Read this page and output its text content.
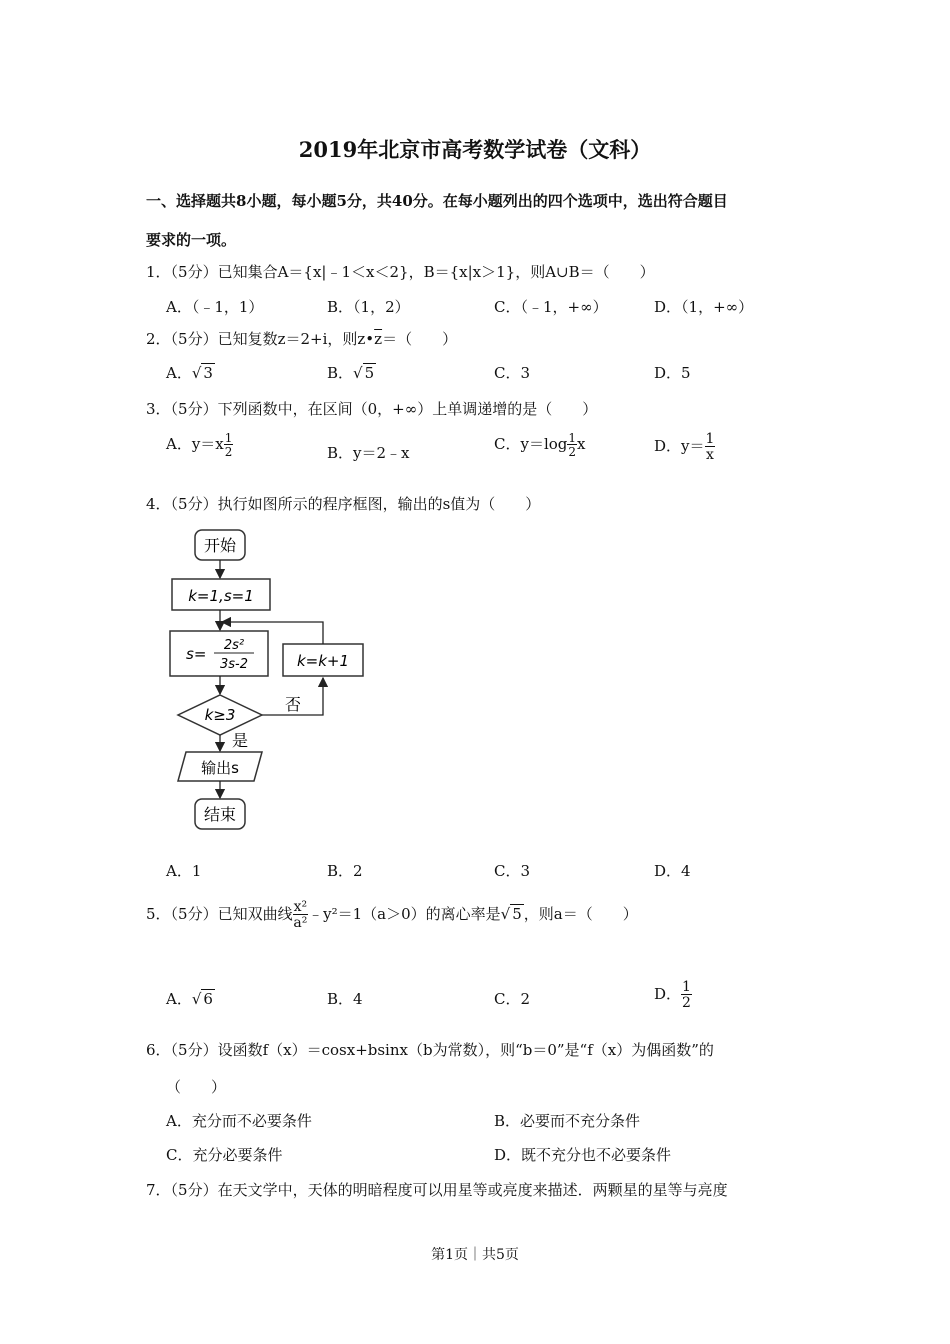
2019年北京市高考数学试卷（文科）
一、选择题共8小题，每小题5分，共40分。在每小题列出的四个选项中，选出符合题目
要求的一项。
1．（5分）已知集合A＝{x|﹣1＜x＜2}，B＝{x|x＞1}，则A∪B＝（　　）
A．（﹣1，1）	B．（1，2）	C．（﹣1，+∞）	D．（1，+∞）
2．（5分）已知复数z＝2+i，则$z•\overline{z}=$（　　）
A．√ 3	B．√ 5	C．3	D．5
3．（5分）下列函数中，在区间（0，+∞）上单调递增的是（　　）
A．$y=x \frac{1}{2}$	B．y＝2﹣x	C．$y=\log \frac{1}{2}$ x	D．$y= \frac{1}{x}$
4．（5分）执行如图所示的程序框图，输出的s值为（　　）
开始
k=1,s=1
s= 2s²
3s-2	k=k+1
k≥3
否
是
输出s
结束
A．1	B．2	C．3	D．4
5．（5分）已知双曲线 $\frac{\text{x²}}{\text{a²}}$ ﹣y²＝1（a＞0）的离心率是√ 5 ，则a＝（　　）
A．√ 6	B．4	C．2	D． $\frac{1}{2}$
6．（5分）设函数f（x）＝cosx+bsinx（b为常数），则“b＝0”是“f（x）为偶函数”的
（　　）
A．充分而不必要条件	B．必要而不充分条件
C．充分必要条件	D．既不充分也不必要条件
7．（5分）在天文学中，天体的明暗程度可以用星等或亮度来描述．两颗星的星等与亮度
第1页｜共5页
